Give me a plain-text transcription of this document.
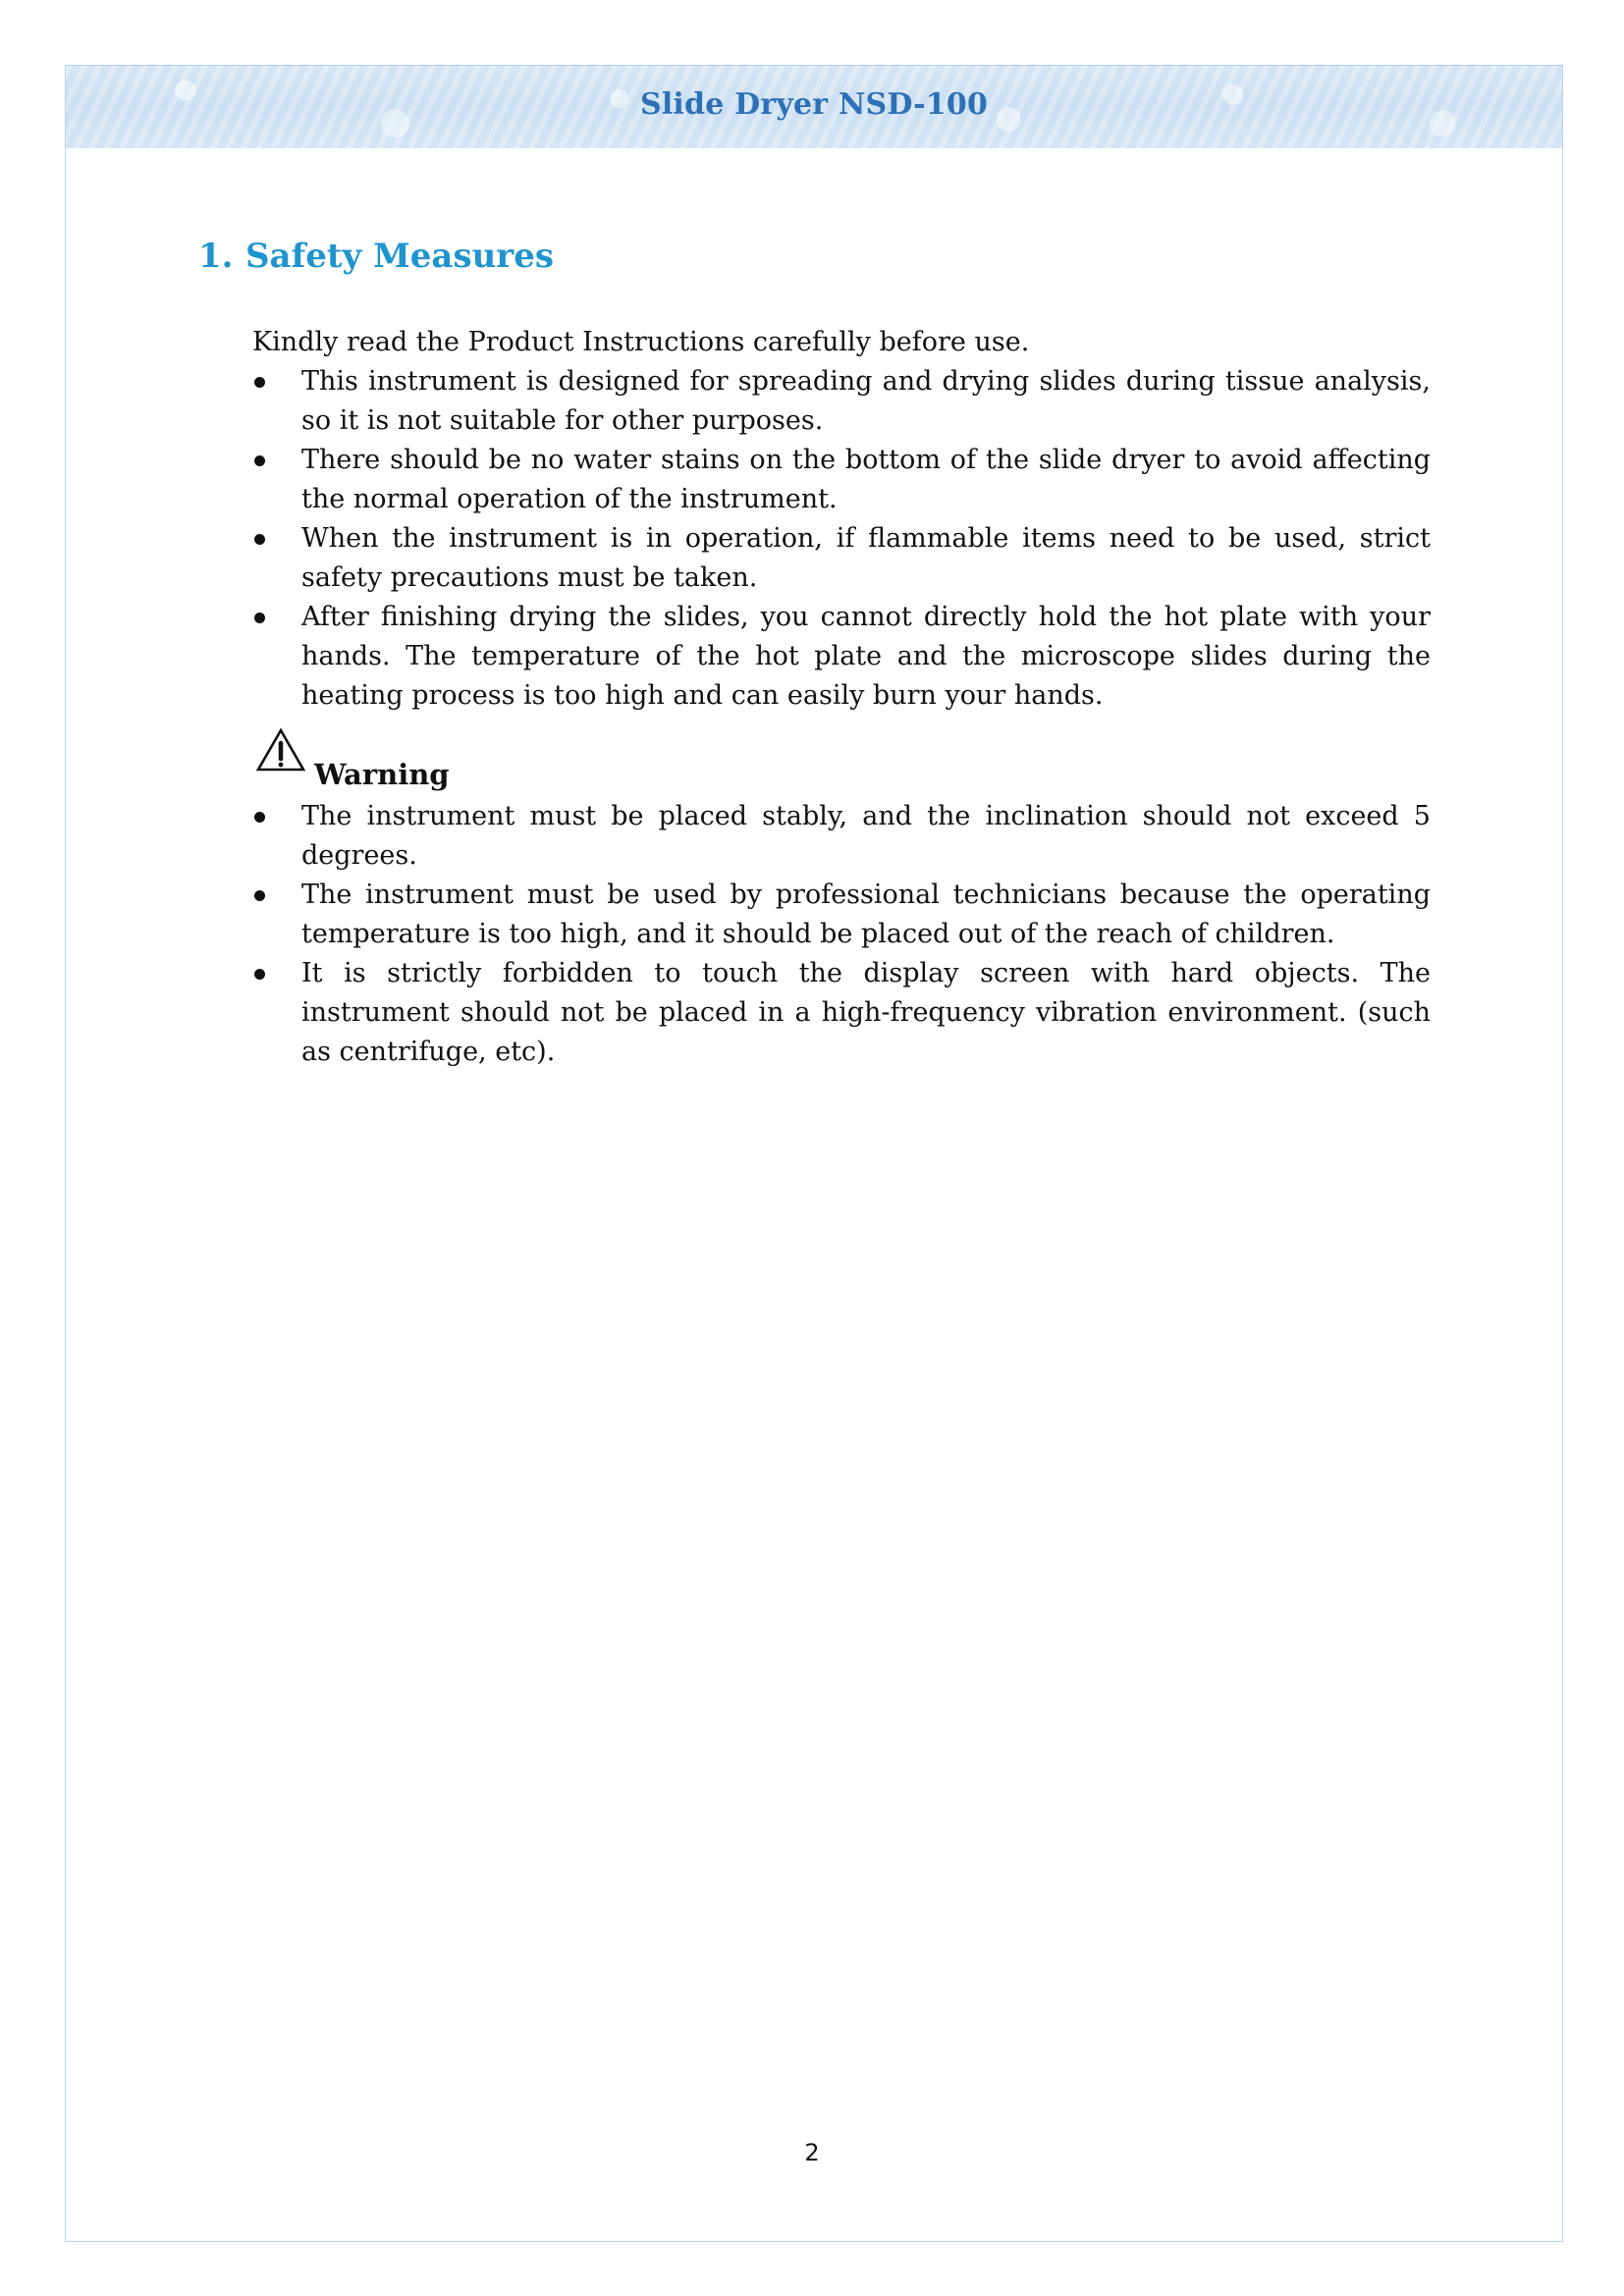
Slide Dryer NSD-100
1. Safety Measures
Kindly read the Product Instructions carefully before use.
This instrument is designed for spreading and drying slides during tissue analysis, so it is not suitable for other purposes.
There should be no water stains on the bottom of the slide dryer to avoid affecting the normal operation of the instrument.
When the instrument is in operation, if flammable items need to be used, strict safety precautions must be taken.
After finishing drying the slides, you cannot directly hold the hot plate with your hands. The temperature of the hot plate and the microscope slides during the heating process is too high and can easily burn your hands.
Warning
The instrument must be placed stably, and the inclination should not exceed 5 degrees.
The instrument must be used by professional technicians because the operating temperature is too high, and it should be placed out of the reach of children.
It is strictly forbidden to touch the display screen with hard objects. The instrument should not be placed in a high-frequency vibration environment. (such as centrifuge, etc).
2
